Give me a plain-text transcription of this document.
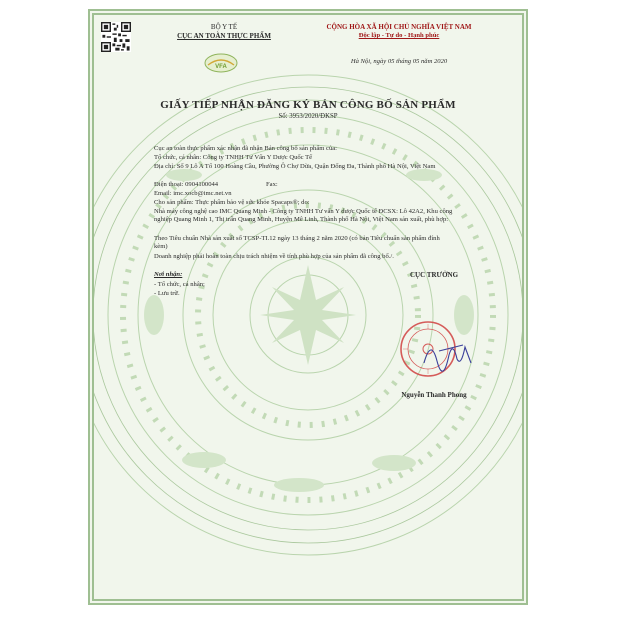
BỘ Y TẾ
CỤC AN TOÀN THỰC PHẨM
VFA
CỘNG HÒA XÃ HỘI CHỦ NGHĨA VIỆT NAM
Độc lập - Tự do - Hạnh phúc
Hà Nội, ngày 05 tháng 05 năm 2020
GIẤY TIẾP NHẬN ĐĂNG KÝ BẢN CÔNG BỐ SẢN PHẨM
Số: 3953/2020/ĐKSP
Cục an toàn thực phẩm xác nhận đã nhận Bản công bố sản phẩm của:
Tổ chức, cá nhân: Công ty TNHH Tư Vấn Y Dược Quốc Tế
Địa chỉ: Số 9 Lô A Tổ 100 Hoàng Cầu, Phường Ô Chợ Dừa, Quận Đống Đa, Thành phố Hà Nội, Việt Nam
Điện thoại: 0904100044	Fax:
Email: imc.xocb@imc.net.vn
Cho sản phẩm: Thực phẩm bảo vệ sức khỏe Spacaps®; do:
Nhà máy công nghệ cao IMC Quang Minh - Công ty TNHH Tư vấn Y dược Quốc tế ĐCSX: Lô 42A2, Khu công nghiệp Quang Minh 1, Thị trấn Quang Minh, Huyện Mê Linh, Thành phố Hà Nội, Việt Nam sản xuất, phù hợp:
Theo Tiêu chuẩn Nhà sản xuất số TCSP-TI.12 ngày 13 tháng 2 năm 2020 (có bản Tiêu chuẩn sản phẩm đính kèm)
Doanh nghiệp phải hoàn toàn chịu trách nhiệm về tính phù hợp của sản phẩm đã công bố./.
Nơi nhận:
- Tổ chức, cá nhân;
- Lưu trữ.
CỤC TRƯỞNG
Nguyễn Thanh Phong
